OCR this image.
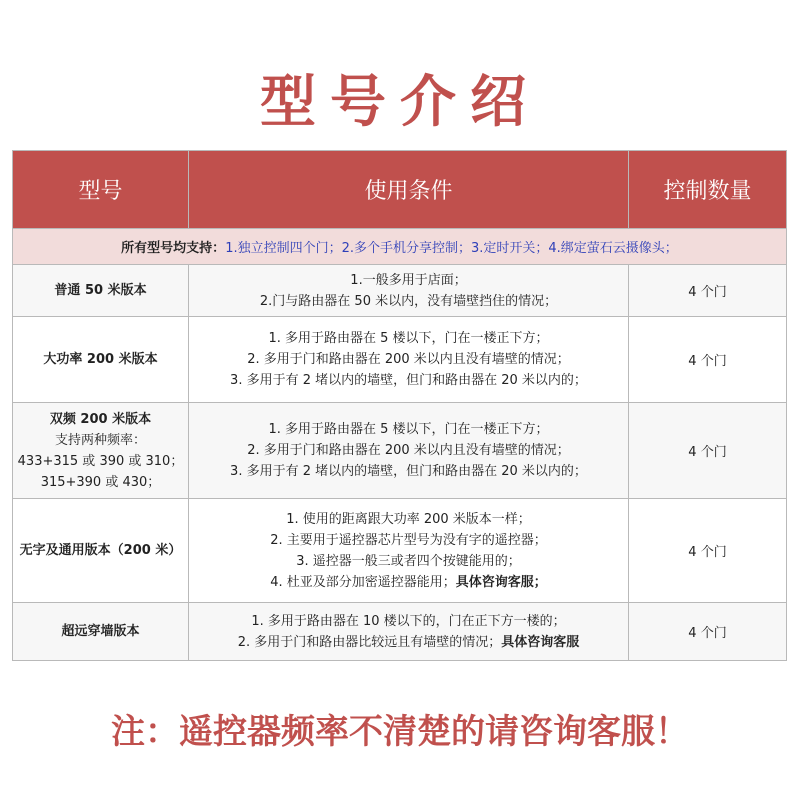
型号介绍
型号	使用条件	控制数量
所有型号均支持：1.独立控制四个门；2.多个手机分享控制；3.定时开关；4.绑定萤石云摄像头；		
普通 50 米版本	1.一般多用于店面；
2.门与路由器在 50 米以内，没有墙壁挡住的情况；	4 个门
大功率 200 米版本	1. 多用于路由器在 5 楼以下，门在一楼正下方；
2. 多用于门和路由器在 200 米以内且没有墙壁的情况；
3. 多用于有 2 堵以内的墙壁，但门和路由器在 20 米以内的；	4 个门
双频 200 米版本
支持两种频率：
433+315 或 390 或 310；
315+390 或 430；	1. 多用于路由器在 5 楼以下，门在一楼正下方；
2. 多用于门和路由器在 200 米以内且没有墙壁的情况；
3. 多用于有 2 堵以内的墙壁，但门和路由器在 20 米以内的；	4 个门
无字及通用版本（200 米）	1. 使用的距离跟大功率 200 米版本一样；
2. 主要用于遥控器芯片型号为没有字的遥控器；
3. 遥控器一般三或者四个按键能用的；
4. 杜亚及部分加密遥控器能用；具体咨询客服；	4 个门
超远穿墙版本	1. 多用于路由器在 10 楼以下的，门在正下方一楼的；
2. 多用于门和路由器比较远且有墙壁的情况；具体咨询客服	4 个门
注：遥控器频率不清楚的请咨询客服！
